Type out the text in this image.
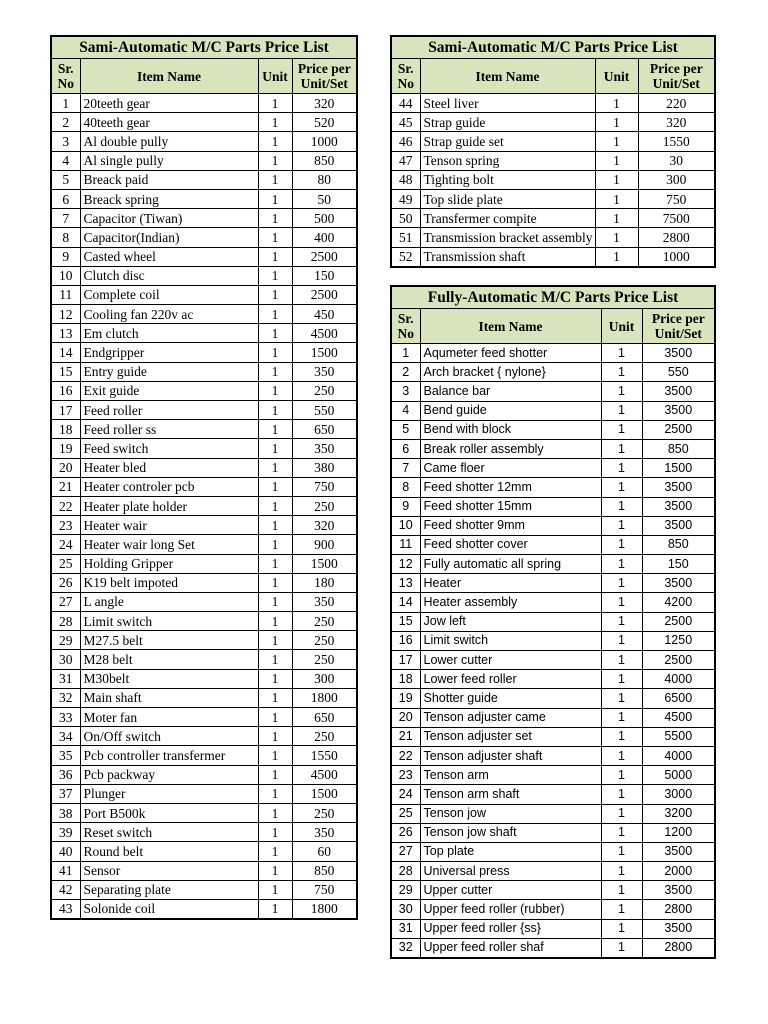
Sami-Automatic M/C Parts Price List			
Sr.
No	Item Name	Unit	Price per
Unit/Set
1	20teeth gear	1	320
2	40teeth gear	1	520
3	Al double pully	1	1000
4	Al single pully	1	850
5	Breack paid	1	80
6	Breack spring	1	50
7	Capacitor (Tiwan)	1	500
8	Capacitor(Indian)	1	400
9	Casted wheel	1	2500
10	Clutch disc	1	150
11	Complete coil	1	2500
12	Cooling fan 220v ac	1	450
13	Em clutch	1	4500
14	Endgripper	1	1500
15	Entry guide	1	350
16	Exit guide	1	250
17	Feed roller	1	550
18	Feed roller ss	1	650
19	Feed switch	1	350
20	Heater bled	1	380
21	Heater controler pcb	1	750
22	Heater plate holder	1	250
23	Heater wair	1	320
24	Heater wair long Set	1	900
25	Holding Gripper	1	1500
26	K19 belt impoted	1	180
27	L angle	1	350
28	Limit switch	1	250
29	M27.5 belt	1	250
30	M28 belt	1	250
31	M30belt	1	300
32	Main shaft	1	1800
33	Moter fan	1	650
34	On/Off switch	1	250
35	Pcb controller transfermer	1	1550
36	Pcb packway	1	4500
37	Plunger	1	1500
38	Port B500k	1	250
39	Reset switch	1	350
40	Round belt	1	60
41	Sensor	1	850
42	Separating plate	1	750
43	Solonide coil	1	1800
Sami-Automatic M/C Parts Price List			
Sr.
No	Item Name	Unit	Price per
Unit/Set
44	Steel liver	1	220
45	Strap guide	1	320
46	Strap guide set	1	1550
47	Tenson spring	1	30
48	Tighting bolt	1	300
49	Top slide plate	1	750
50	Transfermer compite	1	7500
51	Transmission bracket assembly	1	2800
52	Transmission shaft	1	1000
Fully-Automatic M/C Parts Price List			
Sr.
No	Item Name	Unit	Price per
Unit/Set
1	Aqumeter feed shotter	1	3500
2	Arch bracket { nylone}	1	550
3	Balance bar	1	3500
4	Bend guide	1	3500
5	Bend with block	1	2500
6	Break roller assembly	1	850
7	Came floer	1	1500
8	Feed shotter 12mm	1	3500
9	Feed shotter 15mm	1	3500
10	Feed shotter 9mm	1	3500
11	Feed shotter cover	1	850
12	Fully automatic all spring	1	150
13	Heater	1	3500
14	Heater assembly	1	4200
15	Jow left	1	2500
16	Limit switch	1	1250
17	Lower cutter	1	2500
18	Lower feed roller	1	4000
19	Shotter guide	1	6500
20	Tenson adjuster came	1	4500
21	Tenson adjuster set	1	5500
22	Tenson adjuster shaft	1	4000
23	Tenson arm	1	5000
24	Tenson arm shaft	1	3000
25	Tenson jow	1	3200
26	Tenson jow shaft	1	1200
27	Top plate	1	3500
28	Universal press	1	2000
29	Upper cutter	1	3500
30	Upper feed roller (rubber)	1	2800
31	Upper feed roller {ss}	1	3500
32	Upper feed roller shaf	1	2800
